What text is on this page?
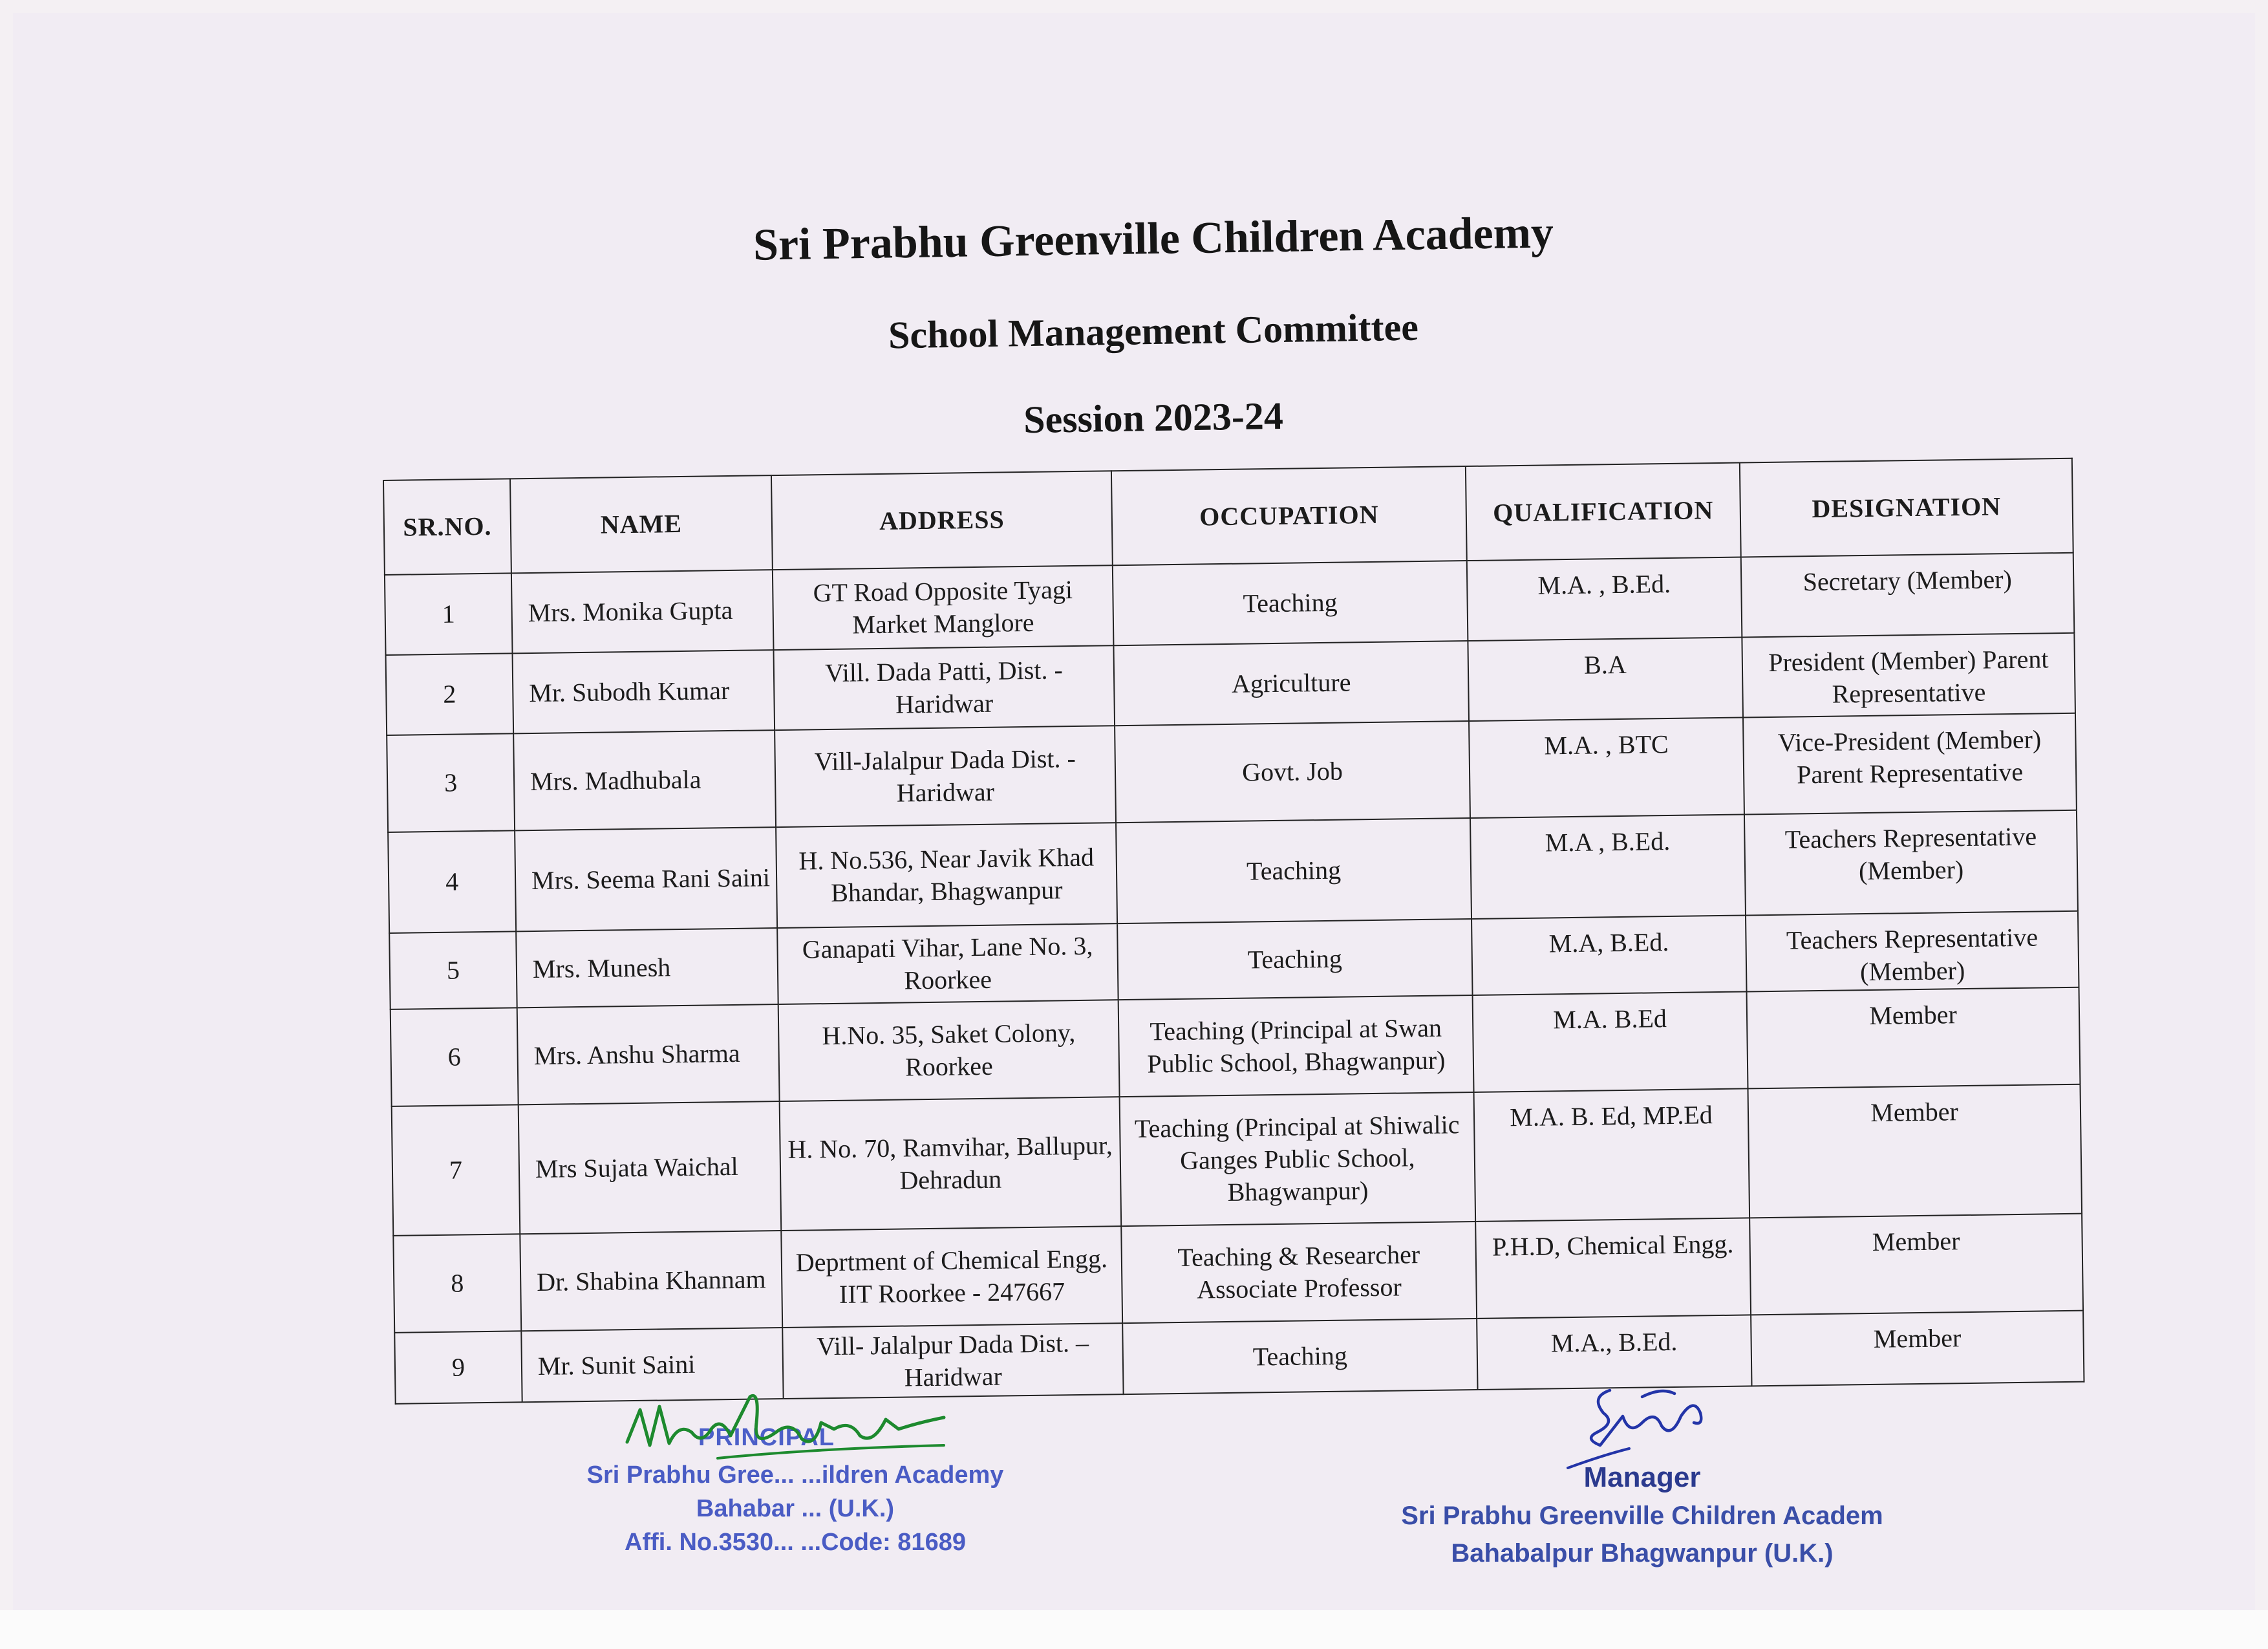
Sri Prabhu Greenville Children Academy
School Management Committee
Session 2023-24
SR.NO.	NAME	ADDRESS	OCCUPATION	QUALIFICATION	DESIGNATION
1	Mrs. Monika Gupta	GT Road Opposite Tyagi Market Manglore	Teaching	M.A. , B.Ed.	Secretary (Member)
2	Mr. Subodh Kumar	Vill. Dada Patti, Dist. - Haridwar	Agriculture	B.A	President (Member) Parent Representative
3	Mrs. Madhubala	Vill-Jalalpur Dada Dist. - Haridwar	Govt. Job	M.A. , BTC	Vice-President (Member) Parent Representative
4	Mrs. Seema Rani Saini	H. No.536, Near Javik Khad Bhandar, Bhagwanpur	Teaching	M.A , B.Ed.	Teachers Representative (Member)
5	Mrs. Munesh	Ganapati Vihar, Lane No. 3, Roorkee	Teaching	M.A, B.Ed.	Teachers Representative (Member)
6	Mrs. Anshu Sharma	H.No. 35, Saket Colony, Roorkee	Teaching (Principal at Swan Public School, Bhagwanpur)	M.A. B.Ed	Member
7	Mrs Sujata Waichal	H. No. 70, Ramvihar, Ballupur, Dehradun	Teaching (Principal at Shiwalic Ganges Public School, Bhagwanpur)	M.A. B. Ed, MP.Ed	Member
8	Dr. Shabina Khannam	Deprtment of Chemical Engg. IIT Roorkee - 247667	Teaching & Researcher Associate Professor	P.H.D, Chemical Engg.	Member
9	Mr. Sunit Saini	Vill- Jalalpur Dada Dist. – Haridwar	Teaching	M.A., B.Ed.	Member
PRINCIPAL
Sri Prabhu Gree... ...ildren Academy
Bahabar ... (U.K.)
Affi. No.3530... ...Code: 81689
Manager
Sri Prabhu Greenville Children Academ
Bahabalpur Bhagwanpur (U.K.)
